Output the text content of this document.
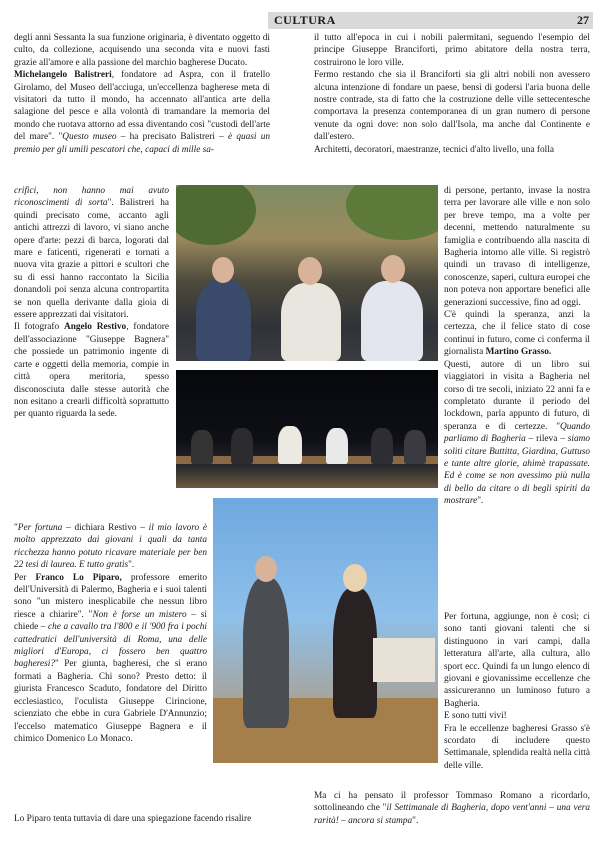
CULTURA	27

degli anni Sessanta la sua funzione originaria, è diventato oggetto di culto, da collezione, acquisendo una seconda vita e nuovi fasti grazie all'amore e alla passione del marchio bagherese Ducato.

Michelangelo Balistreri, fondatore ad Aspra, con il fratello Girolamo, del Museo dell'acciuga, un'eccellenza bagherese meta di visitatori da tutto il mondo, ha accennato all'antica arte della salagione del pesce e alla volontà di tramandare la memoria del mondo che ruotava attorno ad essa diventando così "custodi dell'arte del mare". "Questo museo – ha precisato Balistreri – è quasi un premio per gli umili pescatori che, capaci di mille sa-

crifici, non hanno mai avuto riconoscimenti di sorta". Balistreri ha quindi precisato come, accanto agli antichi attrezzi di lavoro, vi siano anche opere d'arte: pezzi di barca, logorati dal mare e faticenti, rigenerati e tornati a nuova vita grazie a pittori e scultori che su di essi hanno raccontato la Sicilia donandoli poi senza alcuna contropartita se non quella derivante dalla gioia di essere apprezzati dai visitatori.

Il fotografo Angelo Restivo, fondatore dell'associazione "Giuseppe Bagnera" che possiede un patrimonio ingente di carte e oggetti della memoria, compie in città opera meritoria, spesso disconosciuta dalle stesse autorità che non esitano a crearli difficoltà soprattutto per quanto riguarda la sede.

"Per fortuna – dichiara Restivo – il mio lavoro è molto apprezzato dai giovani i quali da tanta ricchezza hanno potuto ricavare materiale per ben 22 tesi di laurea. E tutto gratis".

Per Franco Lo Piparo, professore emerito dell'Università di Palermo, Bagheria e i suoi talenti sono "un mistero inesplicabile che nessun libro riesce a chiarire". "Non è forse un mistero – si chiede – che a cavallo tra l'800 e il '900 fra i pochi cattedratici dell'università di Roma, una delle migliori d'Europa, ci fossero ben quattro bagheresi?" Per giunta, bagheresi, che si erano formati a Bagheria. Chi sono? Presto detto: il giurista Francesco Scaduto, fondatore del Diritto ecclesiastico, l'oculista Giuseppe Cirincione, scienziato che ebbe in cura Gabriele D'Annunzio; l'eccelso matematico Giuseppe Bagnera e il chimico Domenico Lo Monaco.

Lo Piparo tenta tuttavia di dare una spiegazione facendo risalire

il tutto all'epoca in cui i nobili palermitani, seguendo l'esempio del principe Giuseppe Branciforti, primo abitatore della nostra terra, costruirono le loro ville.

Fermo restando che sia il Branciforti sia gli altri nobili non avessero alcuna intenzione di fondare un paese, bensì di godersi l'aria buona delle nostre contrade, sta di fatto che la costruzione delle ville settecentesche comportava la presenza contemporanea di un gran numero di persone venute da ogni dove: non solo dall'Isola, ma anche dal Continente e dall'estero.

Architetti, decoratori, maestranze, tecnici d'alto livello, una folla

di persone, pertanto, invase la nostra terra per lavorare alle ville e non solo per breve tempo, ma a volte per decenni, mettendo naturalmente su famiglia e contribuendo alla nascita di Bagheria intorno alle ville. Si registrò quindi un travaso di intelligenze, conoscenze, saperi, cultura europei che non poteva non apportare benefici alle generazioni successive, fino ad oggi.

C'è quindi la speranza, anzi la certezza, che il felice stato di cose continui in futuro, come ci conferma il giornalista Martino Grasso.

Questi, autore di un libro sui viaggiatori in visita a Bagheria nel corso di tre secoli, iniziato 22 anni fa e completato durante il periodo del lockdown, parla appunto di futuro, di speranza e di certezze. "Quando parliamo di Bagheria – rileva – siamo soliti citare Buttitta, Giardina, Guttuso e tante altre glorie, ahimè trapassate. Ed è come se non avessimo più nulla di bello da citare o di begli spiriti da mostrare".

Per fortuna, aggiunge, non è così; ci sono tanti giovani talenti che si distinguono in vari campi, dalla letteratura all'arte, alla cultura, allo sport ecc. Quindi fa un lungo elenco di giovani e giovanissime eccellenze che assicureranno un luminoso futuro a Bagheria.

E sono tutti vivi!

Fra le eccellenze bagheresi Grasso s'è scordato di includere questo Settimanale, splendida realtà nella città delle ville.

Ma ci ha pensato il professor Tommaso Romano a ricordarlo, sottolineando che "il Settimanale di Bagheria, dopo vent'anni – una vera rarità! – ancora si stampa".
